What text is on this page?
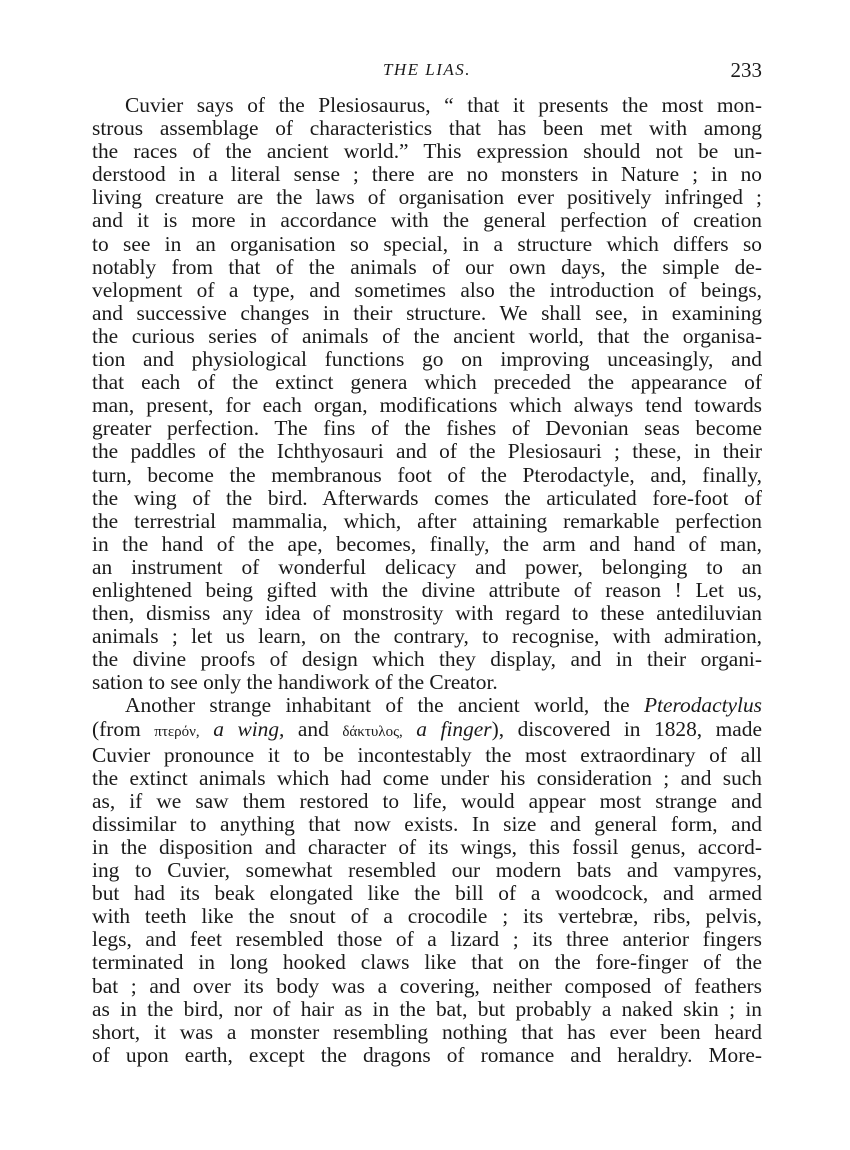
THE LIAS.	233
Cuvier says of the Plesiosaurus, “ that it presents the most mon-
strous assemblage of characteristics that has been met with among
the races of the ancient world.” This expression should not be un-
derstood in a literal sense ; there are no monsters in Nature ; in no
living creature are the laws of organisation ever positively infringed ;
and it is more in accordance with the general perfection of creation
to see in an organisation so special, in a structure which differs so
notably from that of the animals of our own days, the simple de-
velopment of a type, and sometimes also the introduction of beings,
and successive changes in their structure. We shall see, in examining
the curious series of animals of the ancient world, that the organisa-
tion and physiological functions go on improving unceasingly, and
that each of the extinct genera which preceded the appearance of
man, present, for each organ, modifications which always tend towards
greater perfection. The fins of the fishes of Devonian seas become
the paddles of the Ichthyosauri and of the Plesiosauri ; these, in their
turn, become the membranous foot of the Pterodactyle, and, finally,
the wing of the bird. Afterwards comes the articulated fore-foot of
the terrestrial mammalia, which, after attaining remarkable perfection
in the hand of the ape, becomes, finally, the arm and hand of man,
an instrument of wonderful delicacy and power, belonging to an
enlightened being gifted with the divine attribute of reason ! Let us,
then, dismiss any idea of monstrosity with regard to these antediluvian
animals ; let us learn, on the contrary, to recognise, with admiration,
the divine proofs of design which they display, and in their organi-
sation to see only the handiwork of the Creator.
Another strange inhabitant of the ancient world, the Pterodactylus
(from πτερόν, a wing, and δάκτυλος, a finger), discovered in 1828, made
Cuvier pronounce it to be incontestably the most extraordinary of all
the extinct animals which had come under his consideration ; and such
as, if we saw them restored to life, would appear most strange and
dissimilar to anything that now exists. In size and general form, and
in the disposition and character of its wings, this fossil genus, accord-
ing to Cuvier, somewhat resembled our modern bats and vampyres,
but had its beak elongated like the bill of a woodcock, and armed
with teeth like the snout of a crocodile ; its vertebræ, ribs, pelvis,
legs, and feet resembled those of a lizard ; its three anterior fingers
terminated in long hooked claws like that on the fore-finger of the
bat ; and over its body was a covering, neither composed of feathers
as in the bird, nor of hair as in the bat, but probably a naked skin ; in
short, it was a monster resembling nothing that has ever been heard
of upon earth, except the dragons of romance and heraldry. More-
